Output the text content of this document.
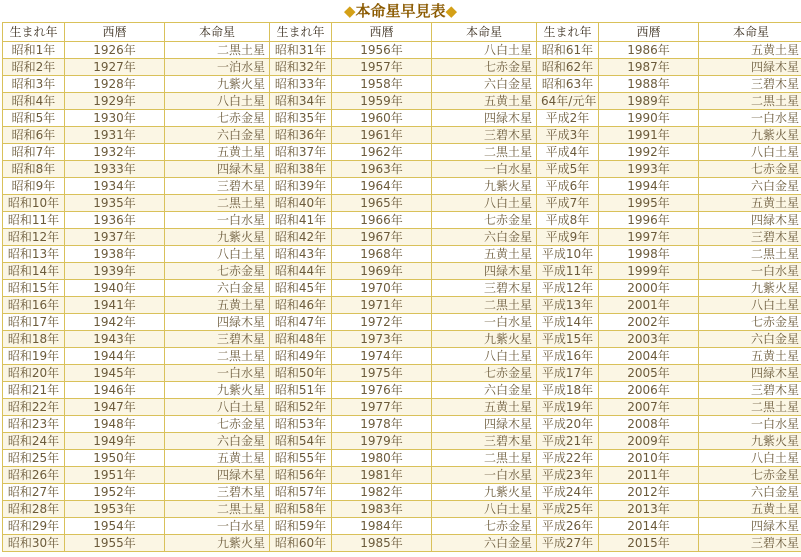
◆本命星早見表◆
生まれ年	西暦	本命星	生まれ年	西暦	本命星	生まれ年	西暦	本命星
昭和1年	1926年	二黒土星	昭和31年	1956年	八白土星	昭和61年	1986年	五黄土星
昭和2年	1927年	一泊水星	昭和32年	1957年	七赤金星	昭和62年	1987年	四緑木星
昭和3年	1928年	九紫火星	昭和33年	1958年	六白金星	昭和63年	1988年	三碧木星
昭和4年	1929年	八白土星	昭和34年	1959年	五黄土星	64年/元年	1989年	二黒土星
昭和5年	1930年	七赤金星	昭和35年	1960年	四緑木星	平成2年	1990年	一白水星
昭和6年	1931年	六白金星	昭和36年	1961年	三碧木星	平成3年	1991年	九紫火星
昭和7年	1932年	五黄土星	昭和37年	1962年	二黒土星	平成4年	1992年	八白土星
昭和8年	1933年	四緑木星	昭和38年	1963年	一白水星	平成5年	1993年	七赤金星
昭和9年	1934年	三碧木星	昭和39年	1964年	九紫火星	平成6年	1994年	六白金星
昭和10年	1935年	二黒土星	昭和40年	1965年	八白土星	平成7年	1995年	五黄土星
昭和11年	1936年	一白水星	昭和41年	1966年	七赤金星	平成8年	1996年	四緑木星
昭和12年	1937年	九紫火星	昭和42年	1967年	六白金星	平成9年	1997年	三碧木星
昭和13年	1938年	八白土星	昭和43年	1968年	五黄土星	平成10年	1998年	二黒土星
昭和14年	1939年	七赤金星	昭和44年	1969年	四緑木星	平成11年	1999年	一白水星
昭和15年	1940年	六白金星	昭和45年	1970年	三碧木星	平成12年	2000年	九紫火星
昭和16年	1941年	五黄土星	昭和46年	1971年	二黒土星	平成13年	2001年	八白土星
昭和17年	1942年	四緑木星	昭和47年	1972年	一白水星	平成14年	2002年	七赤金星
昭和18年	1943年	三碧木星	昭和48年	1973年	九紫火星	平成15年	2003年	六白金星
昭和19年	1944年	二黒土星	昭和49年	1974年	八白土星	平成16年	2004年	五黄土星
昭和20年	1945年	一白水星	昭和50年	1975年	七赤金星	平成17年	2005年	四緑木星
昭和21年	1946年	九紫火星	昭和51年	1976年	六白金星	平成18年	2006年	三碧木星
昭和22年	1947年	八白土星	昭和52年	1977年	五黄土星	平成19年	2007年	二黒土星
昭和23年	1948年	七赤金星	昭和53年	1978年	四緑木星	平成20年	2008年	一白水星
昭和24年	1949年	六白金星	昭和54年	1979年	三碧木星	平成21年	2009年	九紫火星
昭和25年	1950年	五黄土星	昭和55年	1980年	二黒土星	平成22年	2010年	八白土星
昭和26年	1951年	四緑木星	昭和56年	1981年	一白水星	平成23年	2011年	七赤金星
昭和27年	1952年	三碧木星	昭和57年	1982年	九紫火星	平成24年	2012年	六白金星
昭和28年	1953年	二黒土星	昭和58年	1983年	八白土星	平成25年	2013年	五黄土星
昭和29年	1954年	一白水星	昭和59年	1984年	七赤金星	平成26年	2014年	四緑木星
昭和30年	1955年	九紫火星	昭和60年	1985年	六白金星	平成27年	2015年	三碧木星
